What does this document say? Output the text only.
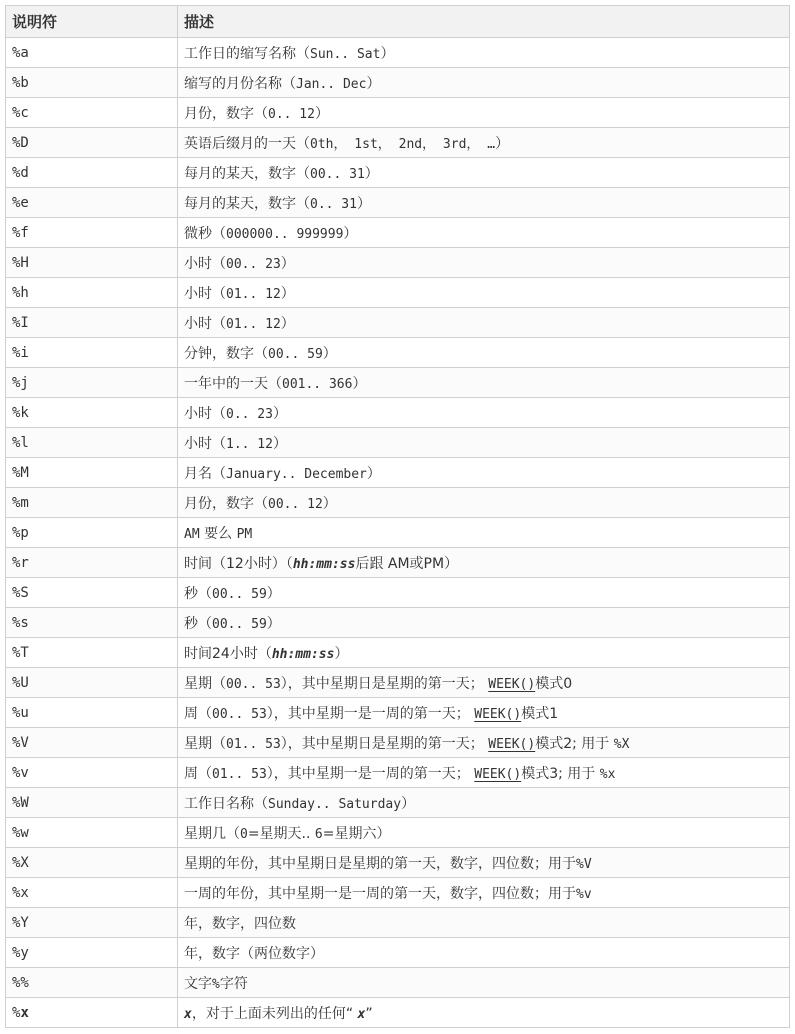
说明符	描述
%a	工作日的缩写名称（Sun.. Sat）
%b	缩写的月份名称（Jan.. Dec）
%c	月份，数字（0.. 12）
%D	英语后缀月的一天（0th， 1st， 2nd， 3rd， …）
%d	每月的某天，数字（00.. 31）
%e	每月的某天，数字（0.. 31）
%f	微秒（000000.. 999999）
%H	小时（00.. 23）
%h	小时（01.. 12）
%I	小时（01.. 12）
%i	分钟，数字（00.. 59）
%j	一年中的一天（001.. 366）
%k	小时（0.. 23）
%l	小时（1.. 12）
%M	月名（January.. December）
%m	月份，数字（00.. 12）
%p	AM 要么 PM
%r	时间（12小时）（hh:mm:ss后跟 AM或PM）
%S	秒（00.. 59）
%s	秒（00.. 59）
%T	时间24小时（hh:mm:ss）
%U	星期（00.. 53），其中星期日是星期的第一天； WEEK()模式0
%u	周（00.. 53），其中星期一是一周的第一天； WEEK()模式1
%V	星期（01.. 53），其中星期日是星期的第一天； WEEK()模式2; 用于 %X
%v	周（01.. 53），其中星期一是一周的第一天； WEEK()模式3; 用于 %x
%W	工作日名称（Sunday.. Saturday）
%w	星期几（0=星期天.. 6=星期六）
%X	星期的年份，其中星期日是星期的第一天，数字，四位数；用于%V
%x	一周的年份，其中星期一是一周的第一天，数字，四位数；用于%v
%Y	年，数字，四位数
%y	年，数字（两位数字）
%%	文字%字符
%x	x，对于上面未列出的任何“ x”
